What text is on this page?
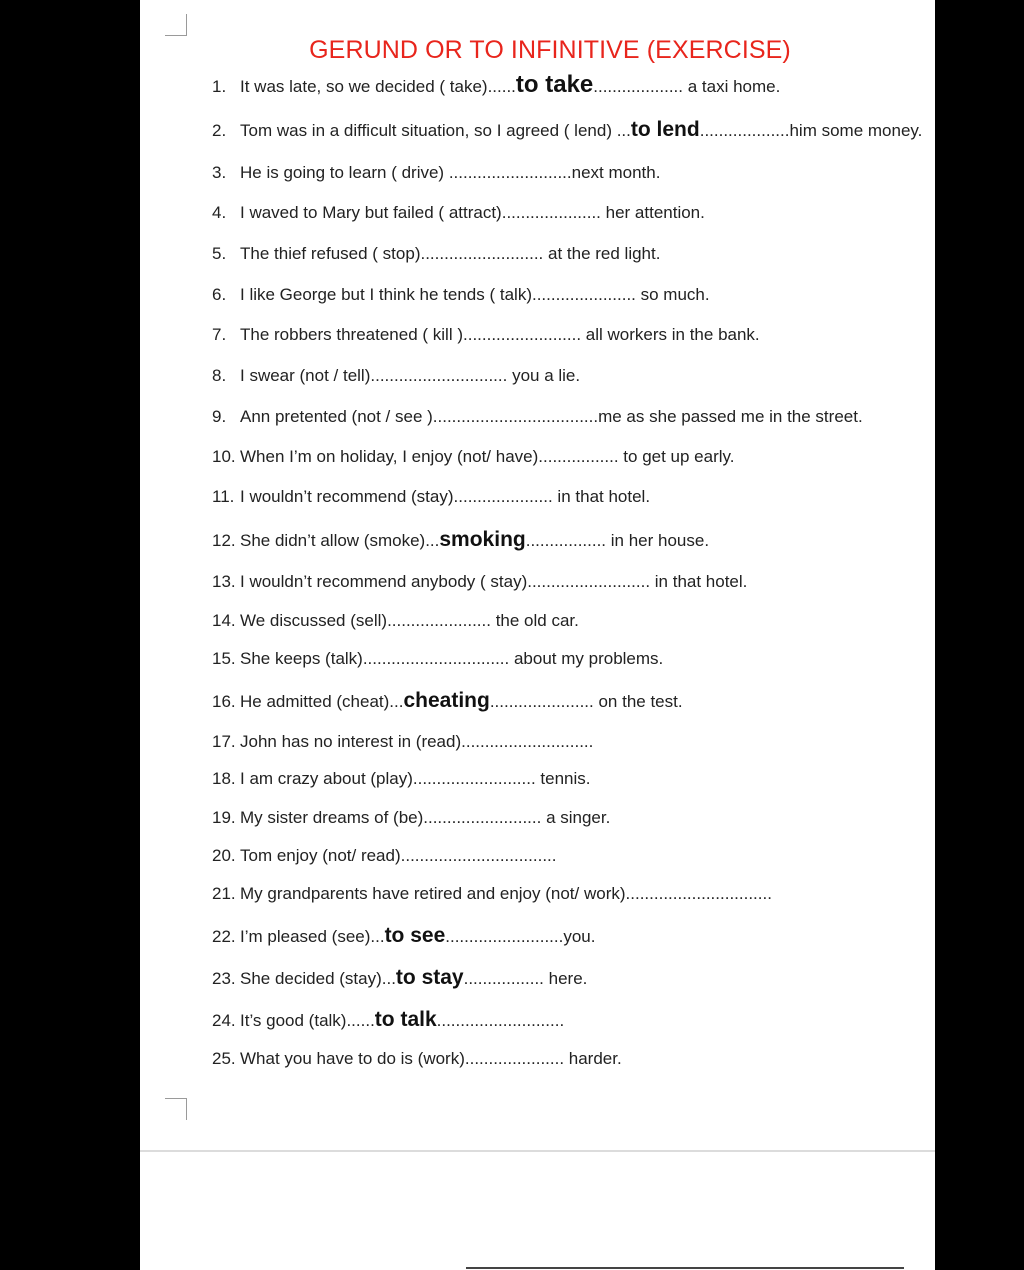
GERUND OR TO INFINITIVE (EXERCISE)
1. It was late, so we decided ( take)......to take................... a taxi home.
2. Tom was in a difficult situation, so I agreed ( lend) ...to lend...................him some money.
3. He is going to learn ( drive) ..........................next month.
4. I waved to Mary but failed ( attract)..................... her attention.
5. The thief refused ( stop).......................... at the red light.
6. I like George but I think he tends ( talk)...................... so much.
7. The robbers threatened ( kill )......................... all workers in the bank.
8. I swear (not / tell)............................. you a lie.
9. Ann pretented (not / see )...................................me as she passed me in the street.
10. When I’m on holiday, I enjoy (not/ have)................. to get up early.
11. I wouldn’t recommend (stay)..................... in that hotel.
12. She didn’t allow (smoke)...smoking................. in her house.
13. I wouldn’t recommend anybody ( stay).......................... in that hotel.
14. We discussed (sell)...................... the old car.
15. She keeps (talk)............................... about my problems.
16. He admitted (cheat)...cheating...................... on the test.
17. John has no interest in (read)............................
18. I am crazy about (play).......................... tennis.
19. My sister dreams of (be)......................... a singer.
20. Tom enjoy (not/ read).................................
21. My grandparents have retired and enjoy (not/ work)...............................
22. I’m pleased (see)...to see.........................you.
23. She decided (stay)...to stay................. here.
24. It’s good (talk)......to talk...........................
25. What you have to do is (work)..................... harder.
